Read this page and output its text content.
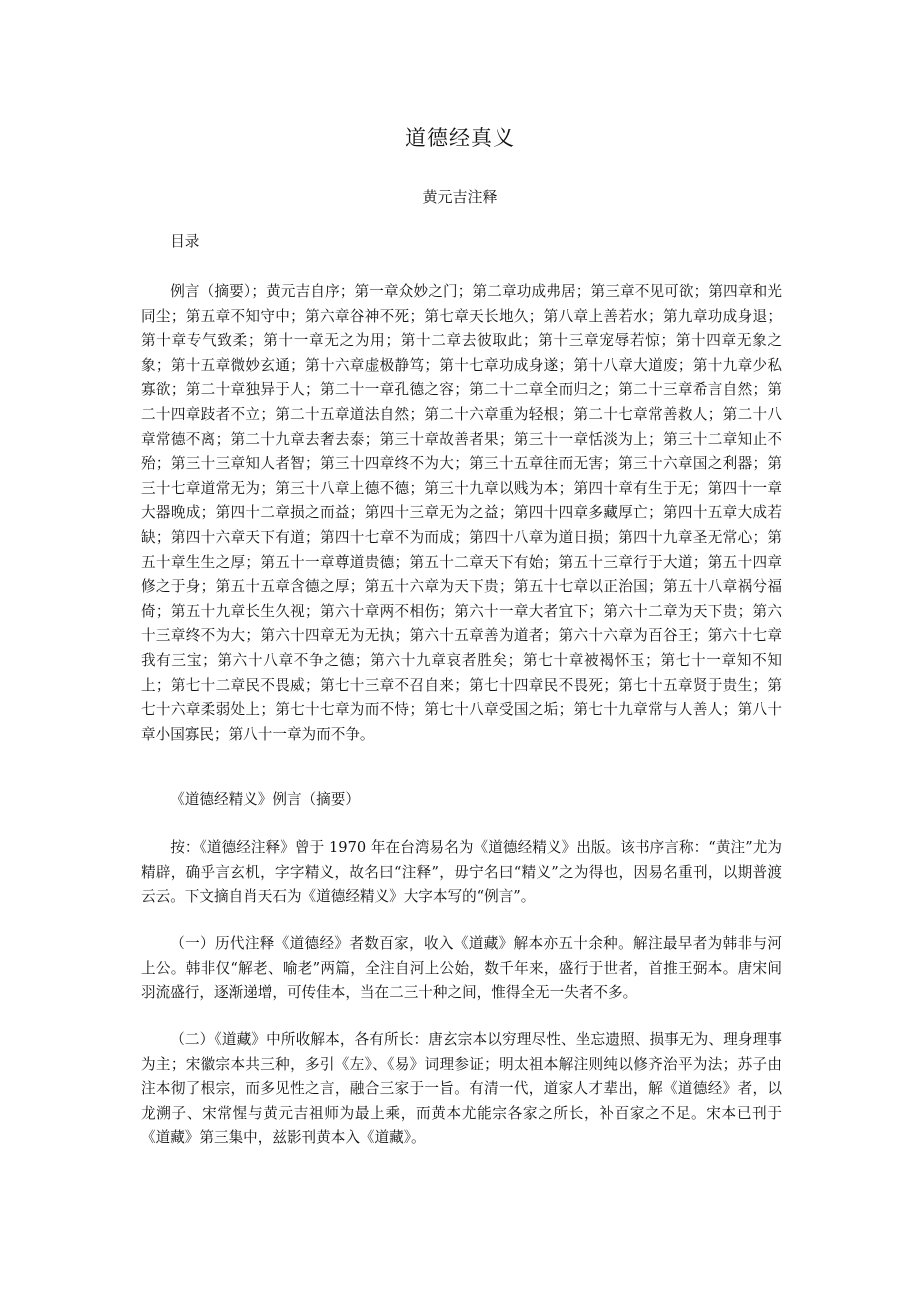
道德经真义

黄元吉注释

目录

例言（摘要）；黄元吉自序；第一章众妙之门；第二章功成弗居；第三章不见可欲；第四章和光同尘；第五章不知守中；第六章谷神不死；第七章天长地久；第八章上善若水；第九章功成身退；第十章专气致柔；第十一章无之为用；第十二章去彼取此；第十三章宠辱若惊；第十四章无象之象；第十五章微妙玄通；第十六章虚极静笃；第十七章功成身遂；第十八章大道废；第十九章少私寡欲；第二十章独异于人；第二十一章孔德之容；第二十二章全而归之；第二十三章希言自然；第二十四章跂者不立；第二十五章道法自然；第二十六章重为轻根；第二十七章常善救人；第二十八章常德不离；第二十九章去奢去泰；第三十章故善者果；第三十一章恬淡为上；第三十二章知止不殆；第三十三章知人者智；第三十四章终不为大；第三十五章往而无害；第三十六章国之利器；第三十七章道常无为；第三十八章上德不德；第三十九章以贱为本；第四十章有生于无；第四十一章大器晚成；第四十二章损之而益；第四十三章无为之益；第四十四章多藏厚亡；第四十五章大成若缺；第四十六章天下有道；第四十七章不为而成；第四十八章为道日损；第四十九章圣无常心；第五十章生生之厚；第五十一章尊道贵德；第五十二章天下有始；第五十三章行于大道；第五十四章修之于身；第五十五章含德之厚；第五十六章为天下贵；第五十七章以正治国；第五十八章祸兮福倚；第五十九章长生久视；第六十章两不相伤；第六十一章大者宜下；第六十二章为天下贵；第六十三章终不为大；第六十四章无为无执；第六十五章善为道者；第六十六章为百谷王；第六十七章我有三宝；第六十八章不争之德；第六十九章哀者胜矣；第七十章被褐怀玉；第七十一章知不知上；第七十二章民不畏威；第七十三章不召自来；第七十四章民不畏死；第七十五章贤于贵生；第七十六章柔弱处上；第七十七章为而不恃；第七十八章受国之垢；第七十九章常与人善人；第八十章小国寡民；第八十一章为而不争。

《道德经精义》例言（摘要）

按：《道德经注释》曾于 1970 年在台湾易名为《道德经精义》出版。该书序言称：“黄注”尤为精辟，确乎言玄机，字字精义，故名曰“注释”，毋宁名曰“精义”之为得也，因易名重刊，以期普渡云云。下文摘自肖天石为《道德经精义》大字本写的“例言”。

（一）历代注释《道德经》者数百家，收入《道藏》解本亦五十余种。解注最早者为韩非与河上公。韩非仅“解老、喻老”两篇，全注自河上公始，数千年来，盛行于世者，首推王弼本。唐宋间羽流盛行，逐渐递增，可传佳本，当在二三十种之间，惟得全无一失者不多。

（二）《道藏》中所收解本，各有所长：唐玄宗本以穷理尽性、坐忘遗照、损事无为、理身理事为主；宋徽宗本共三种，多引《左》、《易》词理参证；明太祖本解注则纯以修齐治平为法；苏子由注本彻了根宗，而多见性之言，融合三家于一旨。有清一代，道家人才辈出，解《道德经》者，以龙溯子、宋常惺与黄元吉祖师为最上乘，而黄本尤能宗各家之所长，补百家之不足。宋本已刊于《道藏》第三集中，兹影刊黄本入《道藏》。
